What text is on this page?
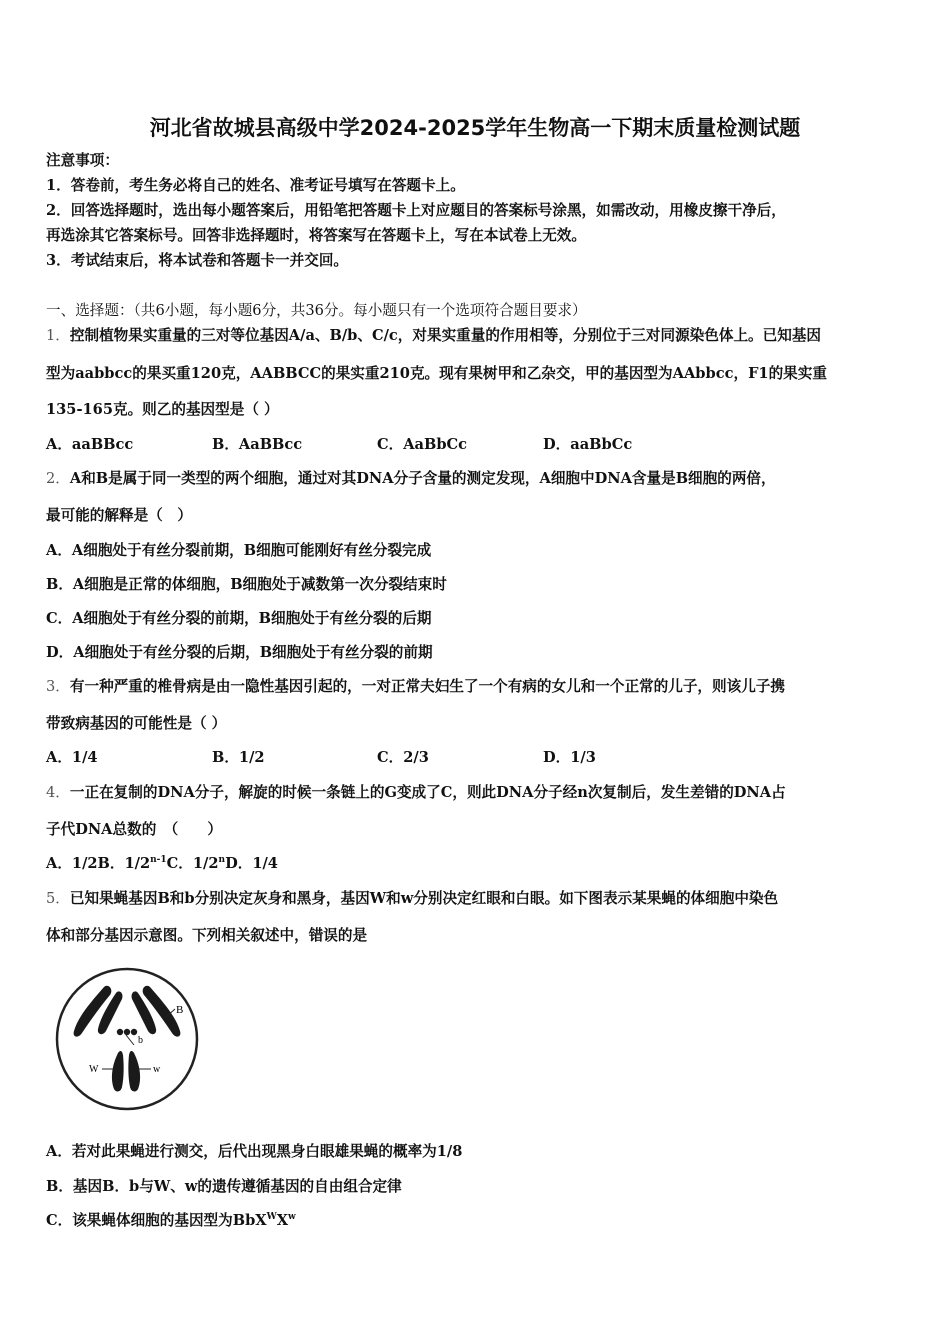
河北省故城县高级中学2024-2025学年生物高一下期末质量检测试题
注意事项：
1．答卷前，考生务必将自己的姓名、准考证号填写在答题卡上。
2．回答选择题时，选出每小题答案后，用铅笔把答题卡上对应题目的答案标号涂黑，如需改动，用橡皮擦干净后，
再选涂其它答案标号。回答非选择题时，将答案写在答题卡上，写在本试卷上无效。
3．考试结束后，将本试卷和答题卡一并交回。
一、选择题：（共6小题，每小题6分，共36分。每小题只有一个选项符合题目要求）
1．控制植物果实重量的三对等位基因A/a、B/b、C/c，对果实重量的作用相等，分别位于三对同源染色体上。已知基因
型为aabbcc的果买重120克，AABBCC的果实重210克。现有果树甲和乙杂交，甲的基因型为AAbbcc，F1的果实重
135-165克。则乙的基因型是（ ）
A．aaBBcc	B．AaBBcc	C．AaBbCc	D．aaBbCc
2．A和B是属于同一类型的两个细胞，通过对其DNA分子含量的测定发现，A细胞中DNA含量是B细胞的两倍，
最可能的解释是（　）
A．A细胞处于有丝分裂前期，B细胞可能刚好有丝分裂完成
B．A细胞是正常的体细胞，B细胞处于减数第一次分裂结束时
C．A细胞处于有丝分裂的前期，B细胞处于有丝分裂的后期
D．A细胞处于有丝分裂的后期，B细胞处于有丝分裂的前期
3．有一种严重的椎骨病是由一隐性基因引起的，一对正常夫妇生了一个有病的女儿和一个正常的儿子，则该儿子携
带致病基因的可能性是（ ）
A．1/4	B．1/2	C．2/3	D．1/3
4．一正在复制的DNA分子，解旋的时候一条链上的G变成了C，则此DNA分子经n次复制后，发生差错的DNA占
子代DNA总数的　（　　）
A．1/2B．1/2$^{n-1}$C．1/2$^n$D．1/4
5．已知果蝇基因B和b分别决定灰身和黑身，基因W和w分别决定红眼和白眼。如下图表示某果蝇的体细胞中染色
体和部分基因示意图。下列相关叙述中，错误的是
B
b
W	w
A．若对此果蝇进行测交，后代出现黑身白眼雄果蝇的概率为1/8
B．基因B．b与W、w的遗传遵循基因的自由组合定律
C．该果蝇体细胞的基因型为$BbX^WX^w$
